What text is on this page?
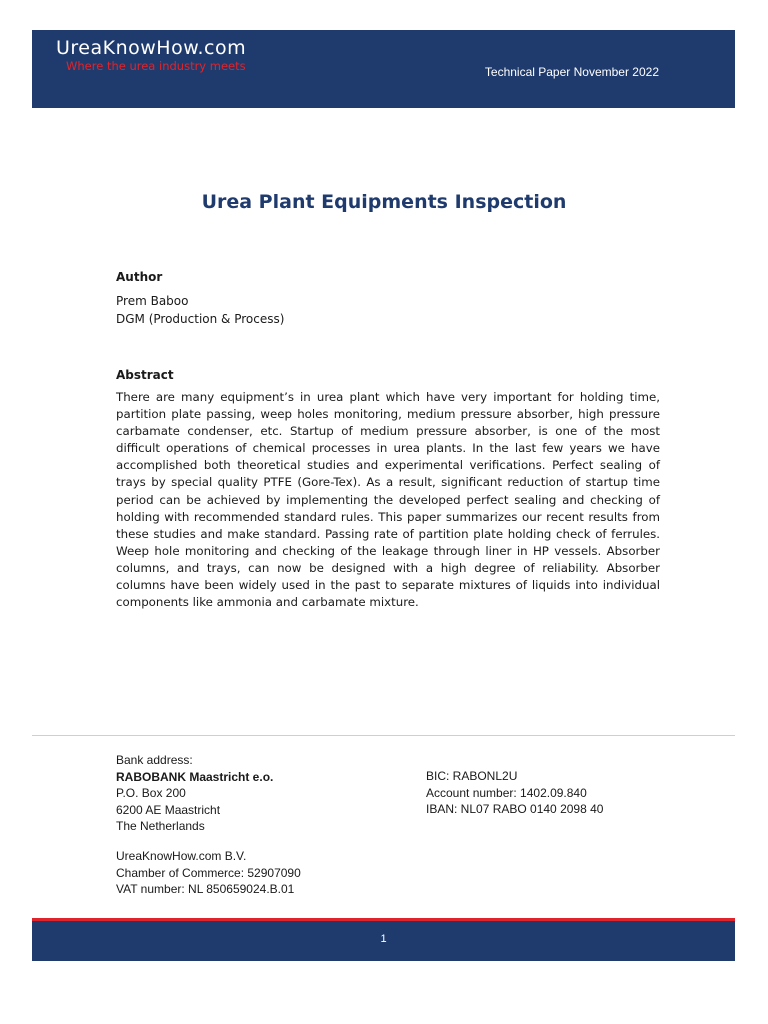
UreaKnowHow.com
Where the urea industry meets	Technical Paper November 2022
Urea Plant Equipments Inspection
Author
Prem Baboo
DGM (Production & Process)
Abstract
There are many equipment’s in urea plant which have very important for holding time, partition plate passing, weep holes monitoring, medium pressure absorber, high pressure carbamate condenser, etc. Startup of medium pressure absorber, is one of the most difficult operations of chemical processes in urea plants. In the last few years we have accomplished both theoretical studies and experimental verifications. Perfect sealing of trays by special quality PTFE (Gore-Tex). As a result, significant reduction of startup time period can be achieved by implementing the developed perfect sealing and checking of holding with recommended standard rules. This paper summarizes our recent results from these studies and make standard. Passing rate of partition plate holding check of ferrules. Weep hole monitoring and checking of the leakage through liner in HP vessels. Absorber columns, and trays, can now be designed with a high degree of reliability. Absorber columns have been widely used in the past to separate mixtures of liquids into individual components like ammonia and carbamate mixture.
Bank address:
RABOBANK Maastricht e.o.
P.O. Box 200
6200 AE Maastricht
The Netherlands
BIC: RABONL2U
Account number: 1402.09.840
IBAN: NL07 RABO 0140 2098 40
UreaKnowHow.com B.V.
Chamber of Commerce: 52907090
VAT number: NL 850659024.B.01
1
